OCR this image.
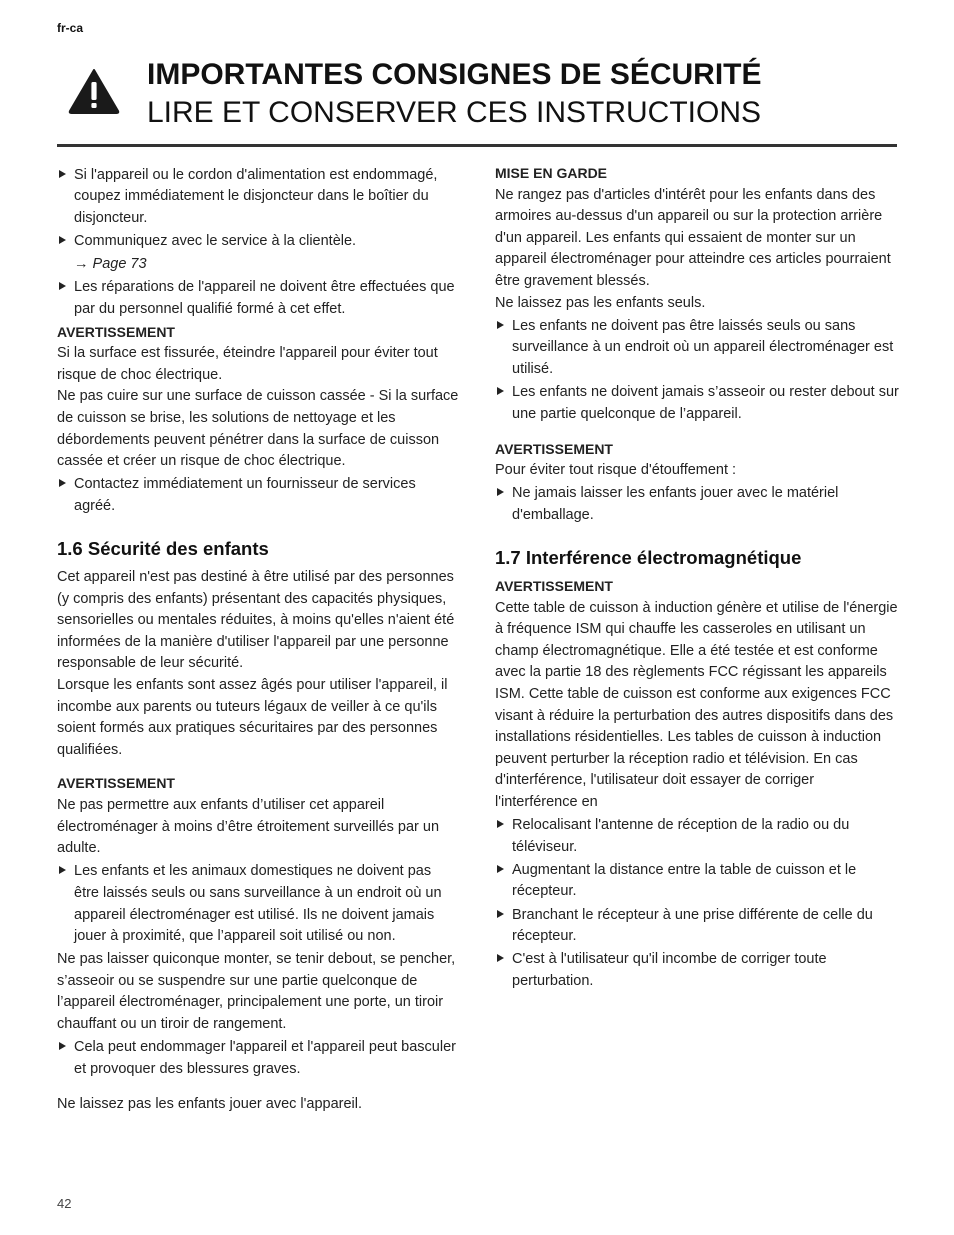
fr-ca
IMPORTANTES CONSIGNES DE SÉCURITÉ
LIRE ET CONSERVER CES INSTRUCTIONS
Si l'appareil ou le cordon d'alimentation est endommagé, coupez immédiatement le disjoncteur dans le boîtier du disjoncteur.
Communiquez avec le service à la clientèle.
→ Page 73
Les réparations de l'appareil ne doivent être effectuées que par du personnel qualifié formé à cet effet.
AVERTISSEMENT

Si la surface est fissurée, éteindre l'appareil pour éviter tout risque de choc électrique.

Ne pas cuire sur une surface de cuisson cassée - Si la surface de cuisson se brise, les solutions de nettoyage et les débordements peuvent pénétrer dans la surface de cuisson cassée et créer un risque de choc électrique.

Contactez immédiatement un fournisseur de services agréé.
1.6 Sécurité des enfants

Cet appareil n'est pas destiné à être utilisé par des personnes (y compris des enfants) présentant des capacités physiques, sensorielles ou mentales réduites, à moins qu'elles n'aient été informées de la manière d'utiliser l'appareil par une personne responsable de leur sécurité.

Lorsque les enfants sont assez âgés pour utiliser l'appareil, il incombe aux parents ou tuteurs légaux de veiller à ce qu'ils soient formés aux pratiques sécuritaires par des personnes qualifiées.

AVERTISSEMENT

Ne pas permettre aux enfants d’utiliser cet appareil électroménager à moins d’être étroitement surveillés par un adulte.

Les enfants et les animaux domestiques ne doivent pas être laissés seuls ou sans surveillance à un endroit où un appareil électroménager est utilisé. Ils ne doivent jamais jouer à proximité, que l’appareil soit utilisé ou non.

Ne pas laisser quiconque monter, se tenir debout, se pencher, s’asseoir ou se suspendre sur une partie quelconque de l’appareil électroménager, principalement une porte, un tiroir chauffant ou un tiroir de rangement.

Cela peut endommager l'appareil et l'appareil peut basculer et provoquer des blessures graves.

Ne laissez pas les enfants jouer avec l'appareil.

MISE EN GARDE

Ne rangez pas d'articles d'intérêt pour les enfants dans des armoires au-dessus d'un appareil ou sur la protection arrière d'un appareil. Les enfants qui essaient de monter sur un appareil électroménager pour atteindre ces articles pourraient être gravement blessés.

Ne laissez pas les enfants seuls.

Les enfants ne doivent pas être laissés seuls ou sans surveillance à un endroit où un appareil électroménager est utilisé.
Les enfants ne doivent jamais s’asseoir ou rester debout sur une partie quelconque de l’appareil.
AVERTISSEMENT

Pour éviter tout risque d'étouffement :

Ne jamais laisser les enfants jouer avec le matériel d'emballage.
1.7 Interférence électromagnétique
AVERTISSEMENT

Cette table de cuisson à induction génère et utilise de l'énergie à fréquence ISM qui chauffe les casseroles en utilisant un champ électromagnétique. Elle a été testée et est conforme avec la partie 18 des règlements FCC régissant les appareils ISM. Cette table de cuisson est conforme aux exigences FCC visant à réduire la perturbation des autres dispositifs dans des installations résidentielles. Les tables de cuisson à induction peuvent perturber la réception radio et télévision. En cas d'interférence, l'utilisateur doit essayer de corriger l'interférence en

Relocalisant l'antenne de réception de la radio ou du téléviseur.
Augmentant la distance entre la table de cuisson et le récepteur.
Branchant le récepteur à une prise différente de celle du récepteur.
C'est à l'utilisateur qu'il incombe de corriger toute perturbation.
42
